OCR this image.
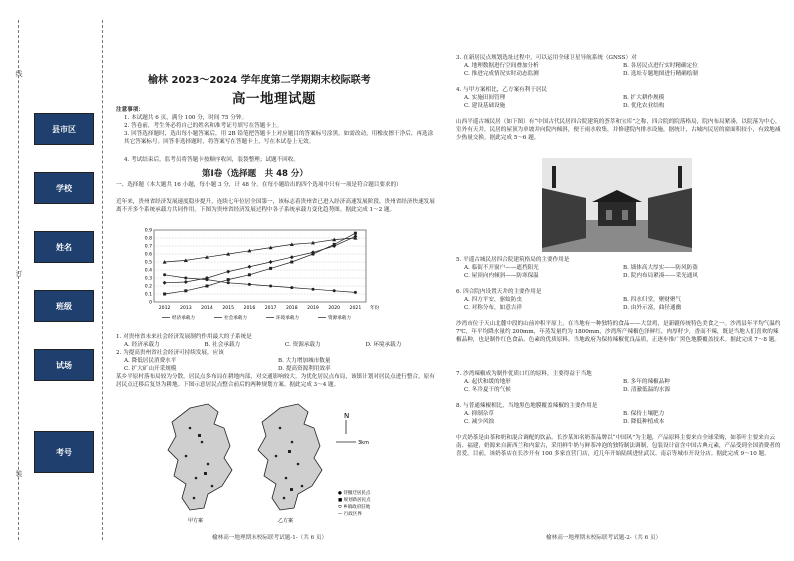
线
订
装
县市区
学校
姓名
班级
试场
考号
榆林 2023～2024 学年度第二学期期末校际联考
高一地理试题
注意事项：
1. 本试题共 6 页，满分 100 分，时间 75 分钟。
2. 答卷前，考生务必将自己的姓名和准考证号填写在答题卡上。
3. 回答选择题时，选出每小题答案后，用 2B 铅笔把答题卡上对应题目的答案标号涂黑。如需改动，用橡皮擦干净后，再选涂其它答案标号。回答非选择题时，将答案写在答题卡上，写在本试卷上无效。
4. 考试结束后，监考员将答题卡按顺序收回，装袋整理；试题不回收。
第Ⅰ卷（选择题　共 48 分）
一、选择题（本大题共 16 小题，每小题 3 分，计 48 分。在每小题给出的四个选项中只有一项是符合题目要求的）
近年来，贵州省经济发展速度稳步提升，连续七年位居全国第一，该标志着贵州省已进入经济高速发展阶段。贵州省经济快速发展离不开多个系统承载力共同作用。下图为贵州省经济发展过程中各子系统承载力变化趋势图。据此完成 1～2 题。
0
0.1
0.2
0.3
0.4
0.5
0.6
0.7
0.8
0.9
2012 2013 2014 2015 2016 2017 2018 2019 2020 2021 年份
经济承载力	社会承载力	环境承载力	资源承载力
1. 对贵州省未来社会经济发展制约作用最大的子系统是
A. 经济承载力	B. 社会承载力	C. 资源承载力	D. 环境承载力
2. 为提高贵州省社会经济可持续发展，应该
A. 降低居民消费水平	B. 大力增加城市数量
C. 扩大矿山开采规模	D. 提高资源利用效率
某乡平原村落布局较为分散，居民点多布局在耕地内部，对交通影响较大。为优化居民点布局，该镇计划对居民点进行整合，原有居民点迁移后复垦为耕地。下图示意居民点整合前后的两种规划方案。据此完成 3～4 题。
N
3km
● 待撤迁居民点
■ 规划新居民点
⬭ 乡镇政府驻地
— 行政区界
甲方案	乙方案
榆林高一地理期末校际联考试题-1-（共 6 页）
3. 在新居民点规划选址过程中，可以运用全球卫星导航系统（GNSS）对
A. 地理数据进行空间叠加分析	B. 各居民点进行实时精确定位
C. 推进完成情况实时动态监测	D. 选址专题地图进行精确绘制
4. 与甲方案相比，乙方案有利于居民
A. 实施田间管理	B. 扩大耕作规模
C. 建设基础设施	D. 优化农业结构
山西平遥古城民居（如下图）有“中国古代民居四合院建筑的荟萃和宝库”之称，四合院的院落格局，院内布局紧凑，以院落为中心，室外有天井，民居的屋顶为单坡并向院内倾斜，便于雨水收集，并修建院内排水设施，据统计，古城内民居的窗面积较小，有效地减少热量交换。据此完成 5～6 题。
5. 平遥古城民居四合院建筑格局的主要作用是
A. 临街不开窗户——遮挡阳光	B. 墙体高大厚实——防风防盗
C. 屋顶向内倾斜——防寒保温	D. 院内布局紧凑——采光通风
6. 四合院内设置天井的主要作用是
A. 四方平安，驱蚊防虫	B. 四水归堂，聚财聚气
C. 对称分布，如意吉祥	D. 由外示富，曲径通幽
沙湾市位于天山北麓中段的山前冲积平原上，在当地有一种独特的食品——大盘鸡，是新疆传统特色美食之一。沙湾县年平均气温约 7℃，年平均降水量约 200mm，年蒸发量约为 1800mm，沙湾所产辣椒色泽鲜红，肉厚籽少，香而不辣，既是当地人们喜欢的辣椒品种，也是制作红色食品、色素的优质原料。当地政府为保持辣椒优良品质，正逐步推广黑色地膜覆盖技术。据此完成 7～8 题。
7. 沙湾辣椒成为制作优质口红的原料，主要得益于当地
A. 起伏和缓的地形	B. 多年的辣椒品种
C. 冬冷夏干的气候	D. 清澈低温的水源
8. 与普通辣椒相比，当地黑色地膜覆盖辣椒的主要作用是
A. 抑制杂草	B. 保持土壤肥力
C. 减少风蚀	D. 降低种植成本
中式奶茶是由茶和奶和混合调配的饮品。长沙某知名奶茶品牌以“中国风”为主题，产品原料主要来自全球采购，如茶叶主要来自云南、福建，奶源来自新西兰和内蒙古，采用鲜牛奶与鲜茶冲泡的独特制法调制，包装设计富含中国古典元素，产品受到全国消费者的喜爱。目前，该奶茶店在长沙开有 100 多家直营门店，近几年开始陆续进驻武汉、南京等城市开设分店。据此完成 9～10 题。
榆林高一地理期末校际联考试题-2-（共 6 页）
